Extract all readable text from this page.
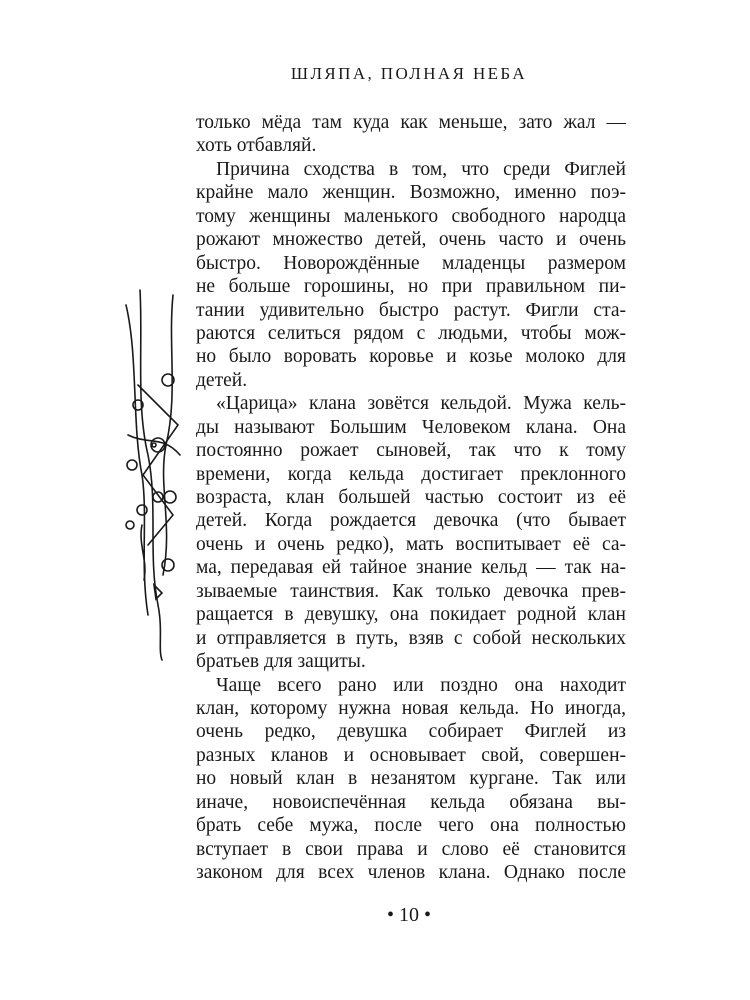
ШЛЯПА, ПОЛНАЯ НЕБА
только мёда там куда как меньше, зато жал —
хоть отбавляй.
Причина сходства в том, что среди Фиглей
крайне мало женщин. Возможно, именно поэ-
тому женщины маленького свободного народца
рожают множество детей, очень часто и очень
быстро. Новорождённые младенцы размером
не больше горошины, но при правильном пи-
тании удивительно быстро растут. Фигли ста-
раются селиться рядом с людьми, чтобы мож-
но было воровать коровье и козье молоко для
детей.
«Царица» клана зовётся кельдой. Мужа кель-
ды называют Большим Человеком клана. Она
постоянно рожает сыновей, так что к тому
времени, когда кельда достигает преклонного
возраста, клан большей частью состоит из её
детей. Когда рождается девочка (что бывает
очень и очень редко), мать воспитывает её са-
ма, передавая ей тайное знание кельд — так на-
зываемые таинствия. Как только девочка прев-
ращается в девушку, она покидает родной клан
и отправляется в путь, взяв с собой нескольких
братьев для защиты.
Чаще всего рано или поздно она находит
клан, которому нужна новая кельда. Но иногда,
очень редко, девушка собирает Фиглей из
разных кланов и основывает свой, совершен-
но новый клан в незанятом кургане. Так или
иначе, новоиспечённая кельда обязана вы-
брать себе мужа, после чего она полностью
вступает в свои права и слово её становится
законом для всех членов клана. Однако после
• 10 •
